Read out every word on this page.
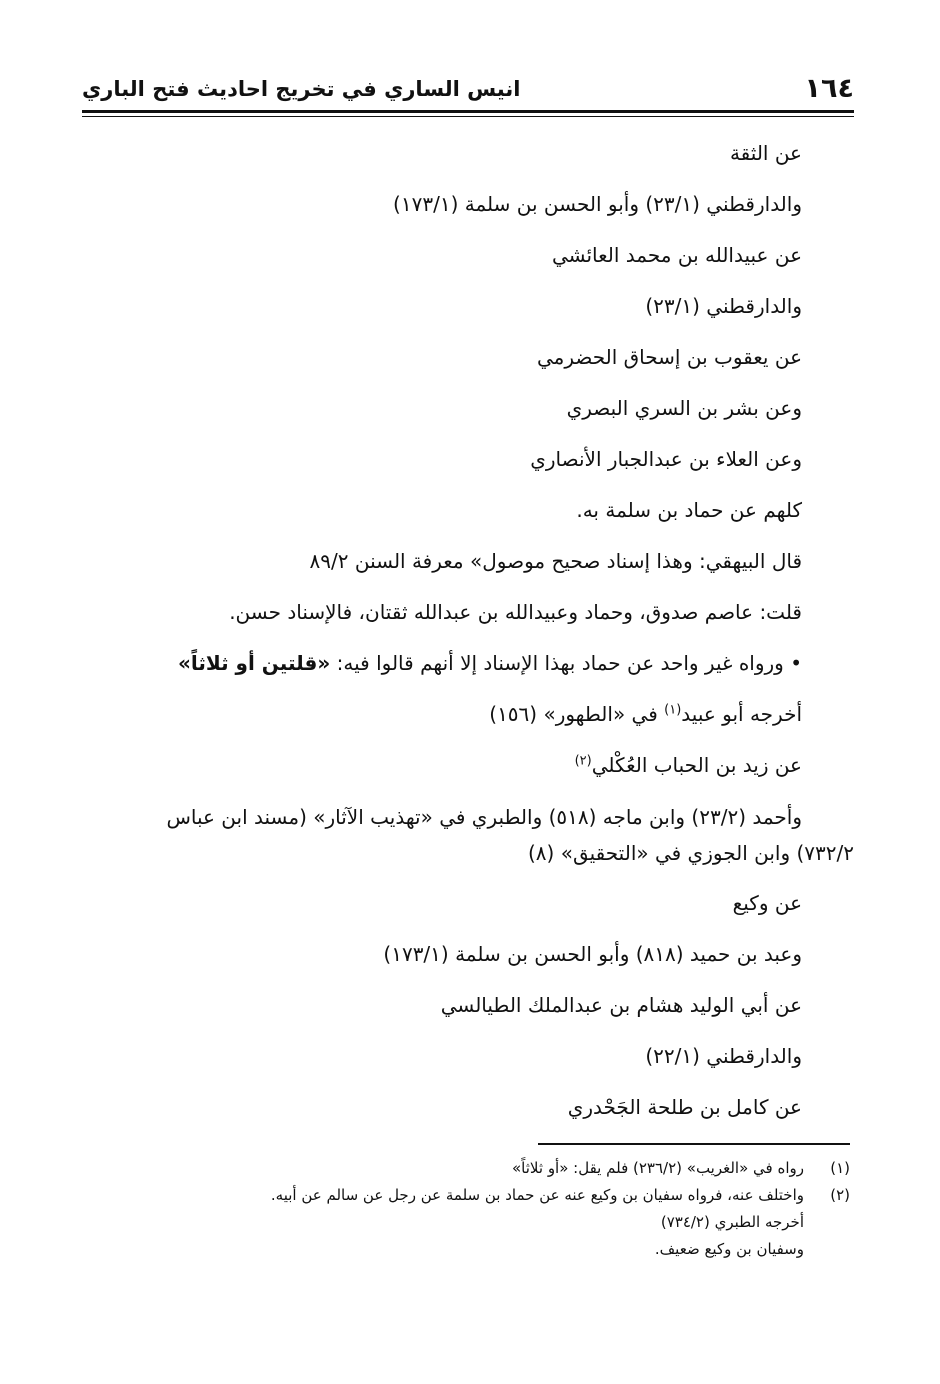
١٦٤
انيس الساري في تخريج احاديث فتح الباري
عن الثقة
والدارقطني (٢٣/١) وأبو الحسن بن سلمة (١٧٣/١)
عن عبيدالله بن محمد العائشي
والدارقطني (٢٣/١)
عن يعقوب بن إسحاق الحضرمي
وعن بشر بن السري البصري
وعن العلاء بن عبدالجبار الأنصاري
كلهم عن حماد بن سلمة به.
قال البيهقي: وهذا إسناد صحيح موصول» معرفة السنن ٨٩/٢
قلت: عاصم صدوق، وحماد وعبيدالله بن عبدالله ثقتان، فالإسناد حسن.
• ورواه غير واحد عن حماد بهذا الإسناد إلا أنهم قالوا فيه: «قلتين أو ثلاثاً»
أخرجه أبو عبيد$^{(١)}$ في «الطهور» (١٥٦)
عن زيد بن الحباب العُكْلي$^{(٢)}$
وأحمد (٢٣/٢) وابن ماجه (٥١٨) والطبري في «تهذيب الآثار» (مسند ابن عباس
٧٣٢/٢) وابن الجوزي في «التحقيق» (٨)
عن وكيع
وعبد بن حميد (٨١٨) وأبو الحسن بن سلمة (١٧٣/١)
عن أبي الوليد هشام بن عبدالملك الطيالسي
والدارقطني (٢٢/١)
عن كامل بن طلحة الجَحْدري
(١)
رواه في «الغريب» (٢٣٦/٢) فلم يقل: «أو ثلاثاً»
(٢)
واختلف عنه، فرواه سفيان بن وكيع عنه عن حماد بن سلمة عن رجل عن سالم عن أبيه.
أخرجه الطبري (٧٣٤/٢)
وسفيان بن وكيع ضعيف.
